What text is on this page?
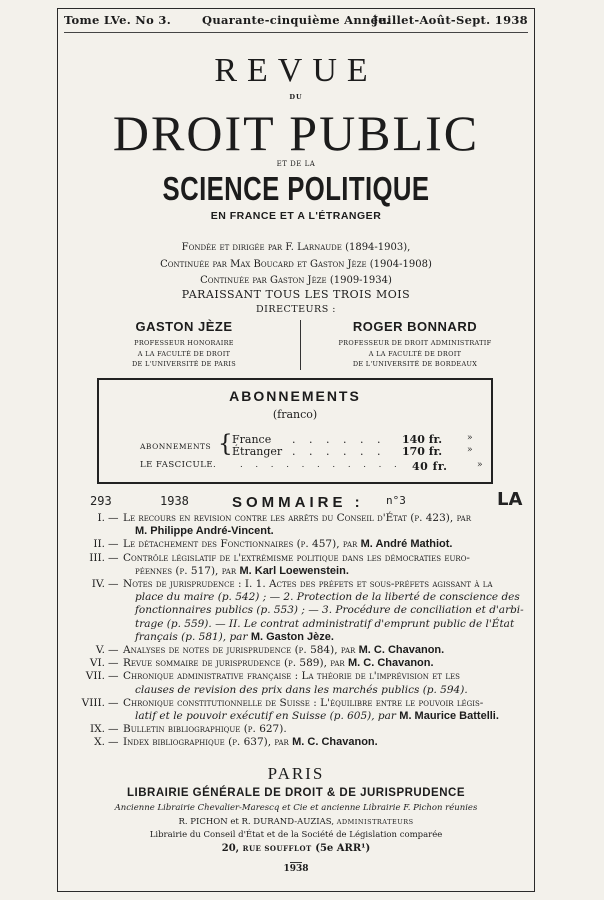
Tome LVe. No 3.	Quarante-cinquième Année.
Juillet-Août-Sept. 1938
REVUE
DU
DROIT PUBLIC
ET DE LA
SCIENCE POLITIQUE
EN FRANCE ET A L'ÉTRANGER
Fondée et dirigée par F. Larnaude (1894-1903),
Continuée par Max Boucard et Gaston Jèze (1904-1908)
Continuée par Gaston Jèze (1909-1934)
PARAISSANT TOUS LES TROIS MOIS
DIRECTEURS :
GASTON JÈZE
PROFESSEUR HONORAIRE
A LA FACULTÉ DE DROIT
DE L'UNIVERSITÉ DE PARIS
ROGER BONNARD
PROFESSEUR DE DROIT ADMINISTRATIF
A LA FACULTÉ DE DROIT
DE L'UNIVERSITÉ DE BORDEAUX
ABONNEMENTS
(franco)
ABONNEMENTS { France . . . . . . 140 fr.	»
Étranger . . . . . . 170 fr.	»
LE FASCICULE.	. . . . . . . . . . . 40 fr.	»
293	1938	SOMMAIRE : n°3	LA
I. — Le recours en revision contre les arrêts du Conseil d'État (p. 423), par
M. Philippe André-Vincent.
II. — Le détachement des Fonctionnaires (p. 457), par M. André Mathiot.
III. — Contrôle législatif de l'extrémisme politique dans les démocraties euro-
péennes (p. 517), par M. Karl Loewenstein.
IV. — Notes de jurisprudence : I. 1. Actes des préfets et sous-préfets agissant à la
place du maire (p. 542) ; — 2. Protection de la liberté de conscience des
fonctionnaires publics (p. 553) ; — 3. Procédure de conciliation et d'arbi-
trage (p. 559). — II. Le contrat administratif d'emprunt public de l'État
français (p. 581), par M. Gaston Jèze.
V. — Analyses de notes de jurisprudence (p. 584), par M. C. Chavanon.
VI. — Revue sommaire de jurisprudence (p. 589), par M. C. Chavanon.
VII. — Chronique administrative française : La théorie de l'imprévision et les
clauses de revision des prix dans les marchés publics (p. 594).
VIII. — Chronique constitutionnelle de Suisse : L'équilibre entre le pouvoir légis-
latif et le pouvoir exécutif en Suisse (p. 605), par M. Maurice Battelli.
IX. — Bulletin bibliographique (p. 627).
X. — Index bibliographique (p. 637), par M. C. Chavanon.
PARIS
LIBRAIRIE GÉNÉRALE DE DROIT & DE JURISPRUDENCE
Ancienne Librairie Chevalier-Marescq et Cie et ancienne Librairie F. Pichon réunies
R. PICHON et R. DURAND-AUZIAS, ADMINISTRATEURS
Librairie du Conseil d'État et de la Société de Législation comparée
20, RUE SOUFFLOT (5e ARR¹)
1938
